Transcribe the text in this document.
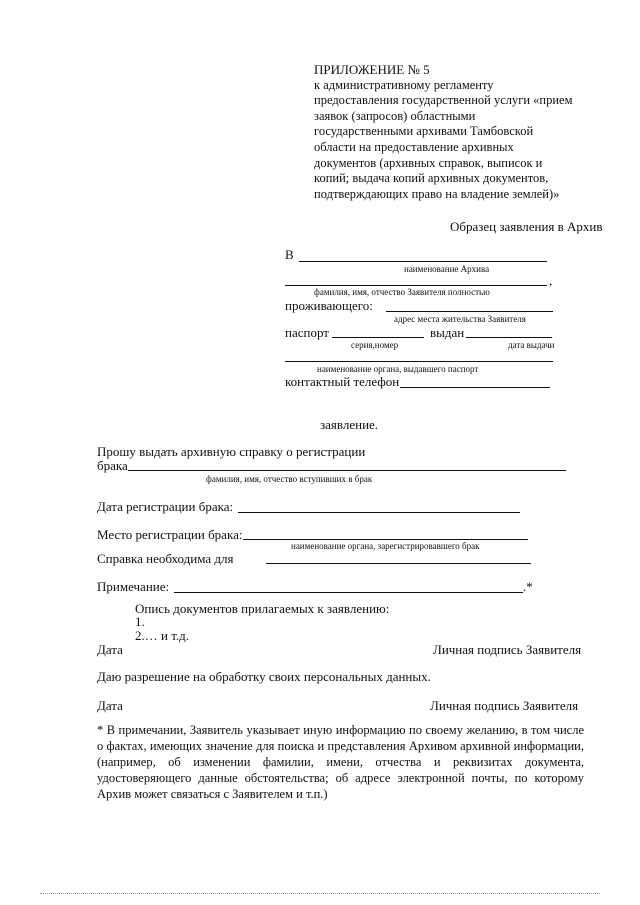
ПРИЛОЖЕНИЕ № 5
к административному регламенту
предоставления государственной услуги «прием
заявок (запросов) областными
государственными архивами Тамбовской
области на предоставление архивных
документов (архивных справок, выписок и
копий; выдача копий архивных документов,
подтверждающих право на владение землей)»
Образец заявления в Архив
В
наименование Архива
,
фамилия, имя, отчество Заявителя полностью
проживающего:
адрес места жительства Заявителя
паспорт	выдан
серия,номер	дата выдачи
наименование органа, выдавшего паспорт
контактный телефон
заявление.
Прошу выдать архивную справку о регистрации
брака
фамилия, имя, отчество вступивших в брак
Дата регистрации брака:
Место регистрации брака:
наименование органа, зарегистрировавшего брак
Справка необходима для
Примечание:	.*
Опись документов прилагаемых к заявлению:
1.
2.… и т.д.
Дата	Личная подпись Заявителя
Даю разрешение на обработку своих персональных данных.
Дата	Личная подпись Заявителя
* В примечании, Заявитель указывает иную информацию по своему желанию, в том числе о фактах, имеющих значение для поиска и представления Архивом архивной информации, (например, об изменении фамилии, имени, отчества и реквизитах документа, удостоверяющего данные обстоятельства; об адресе электронной почты, по которому Архив может связаться с Заявителем и т.п.)
